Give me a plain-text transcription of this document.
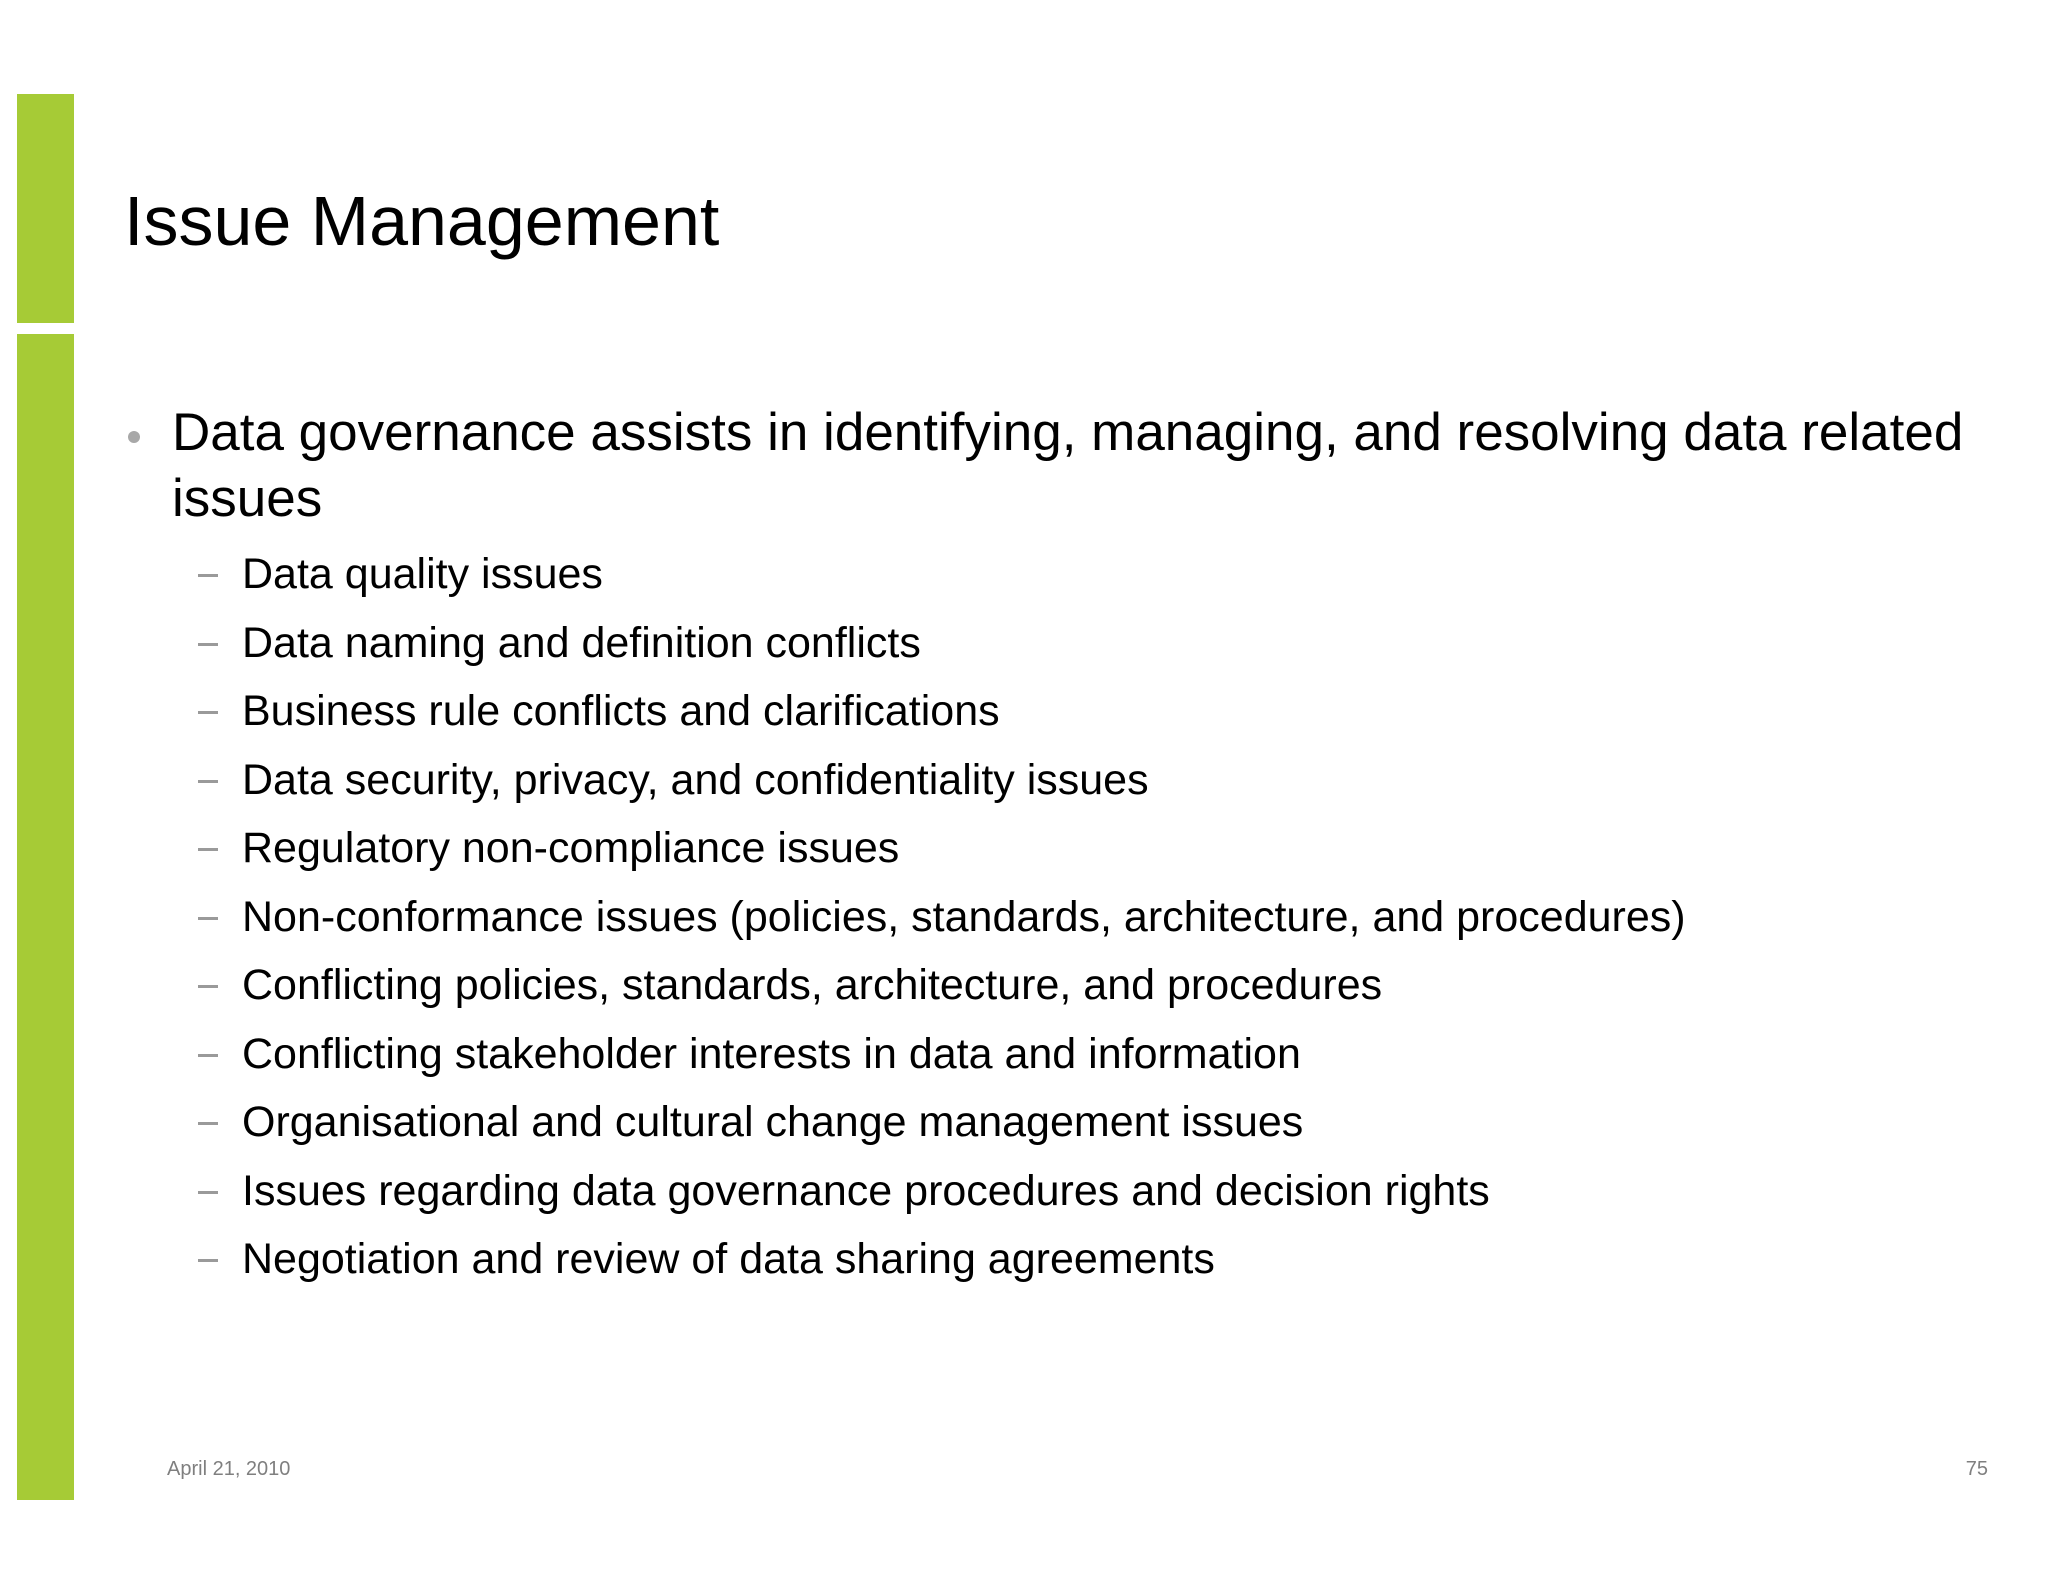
Issue Management
Data governance assists in identifying, managing, and resolving data related issues
Data quality issues
Data naming and definition conflicts
Business rule conflicts and clarifications
Data security, privacy, and confidentiality issues
Regulatory non-compliance issues
Non-conformance issues (policies, standards, architecture, and procedures)
Conflicting policies, standards, architecture, and procedures
Conflicting stakeholder interests in data and information
Organisational and cultural change management issues
Issues regarding data governance procedures and decision rights
Negotiation and review of data sharing agreements
April 21, 2010	75
